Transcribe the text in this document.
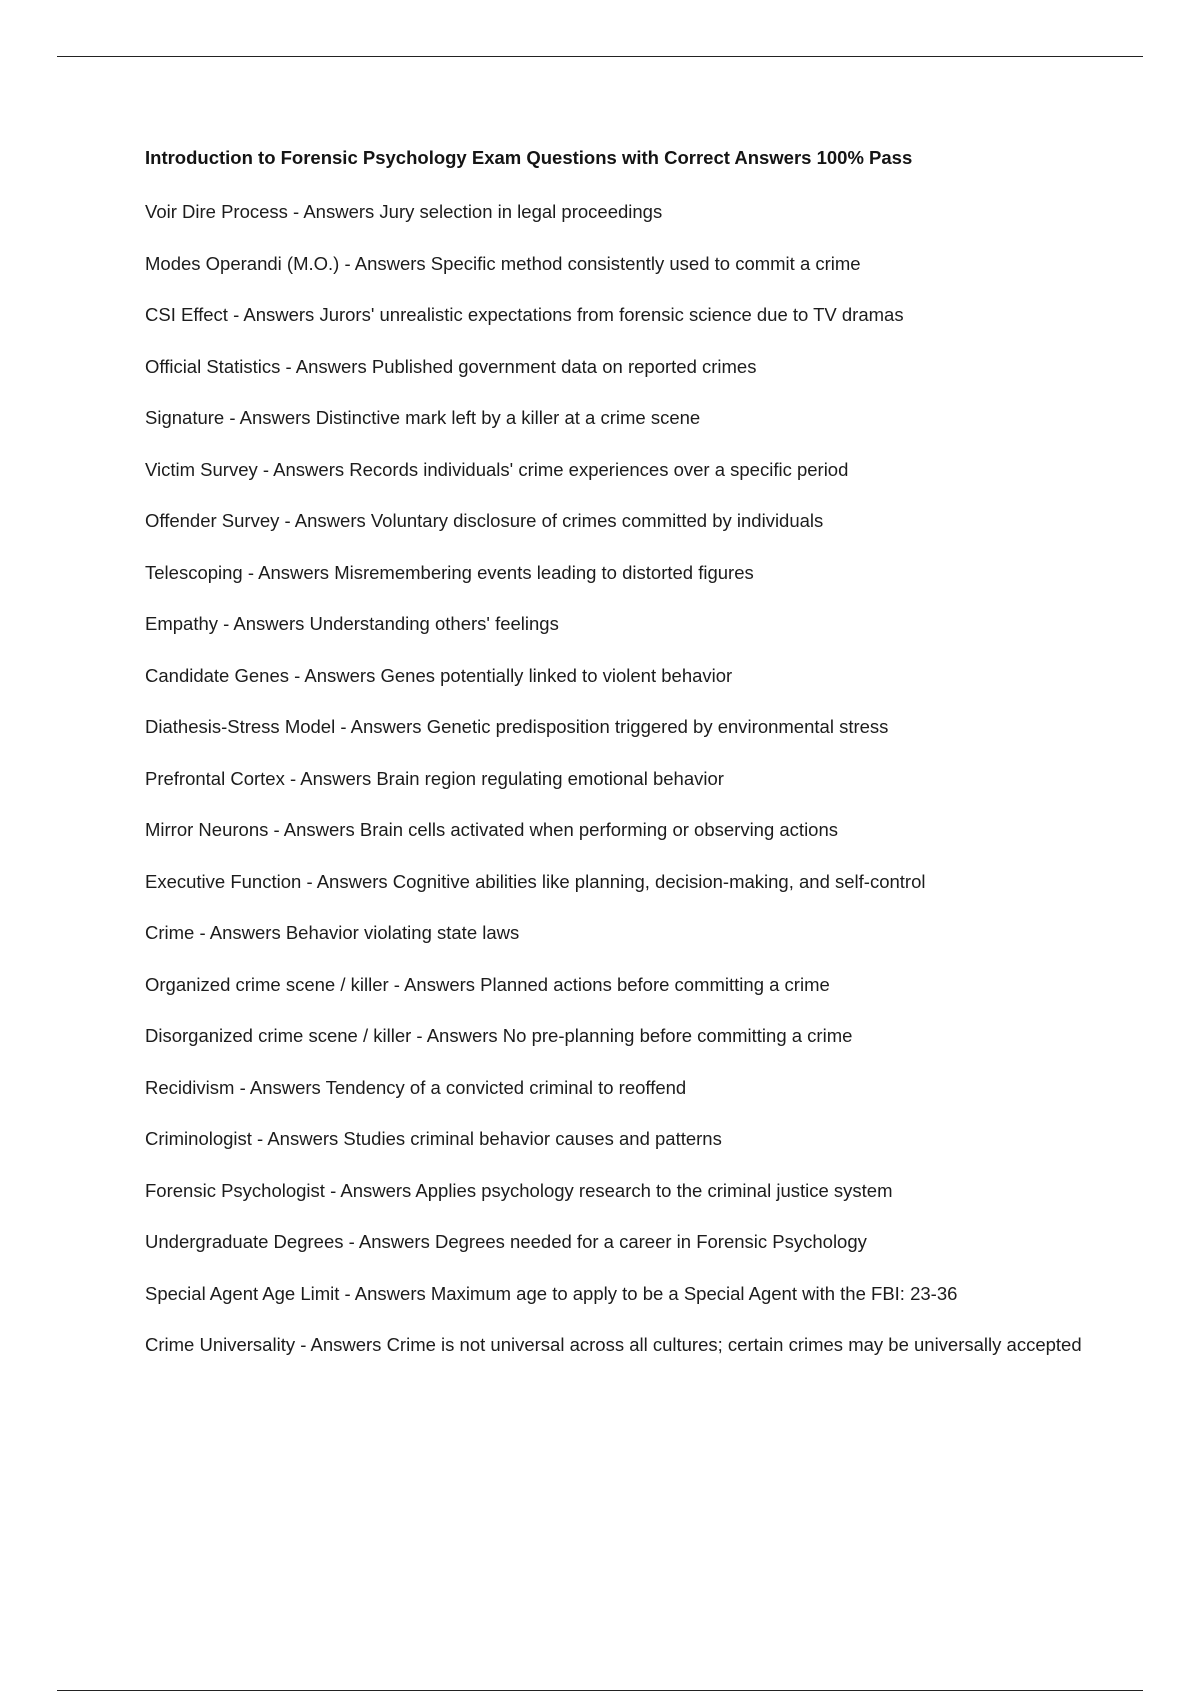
Introduction to Forensic Psychology Exam Questions with Correct Answers 100% Pass
Voir Dire Process - Answers Jury selection in legal proceedings
Modes Operandi (M.O.) - Answers Specific method consistently used to commit a crime
CSI Effect - Answers Jurors' unrealistic expectations from forensic science due to TV dramas
Official Statistics - Answers Published government data on reported crimes
Signature - Answers Distinctive mark left by a killer at a crime scene
Victim Survey - Answers Records individuals' crime experiences over a specific period
Offender Survey - Answers Voluntary disclosure of crimes committed by individuals
Telescoping - Answers Misremembering events leading to distorted figures
Empathy - Answers Understanding others' feelings
Candidate Genes - Answers Genes potentially linked to violent behavior
Diathesis-Stress Model - Answers Genetic predisposition triggered by environmental stress
Prefrontal Cortex - Answers Brain region regulating emotional behavior
Mirror Neurons - Answers Brain cells activated when performing or observing actions
Executive Function - Answers Cognitive abilities like planning, decision-making, and self-control
Crime - Answers Behavior violating state laws
Organized crime scene / killer - Answers Planned actions before committing a crime
Disorganized crime scene / killer - Answers No pre-planning before committing a crime
Recidivism - Answers Tendency of a convicted criminal to reoffend
Criminologist - Answers Studies criminal behavior causes and patterns
Forensic Psychologist - Answers Applies psychology research to the criminal justice system
Undergraduate Degrees - Answers Degrees needed for a career in Forensic Psychology
Special Agent Age Limit - Answers Maximum age to apply to be a Special Agent with the FBI: 23-36
Crime Universality - Answers Crime is not universal across all cultures; certain crimes may be universally accepted
